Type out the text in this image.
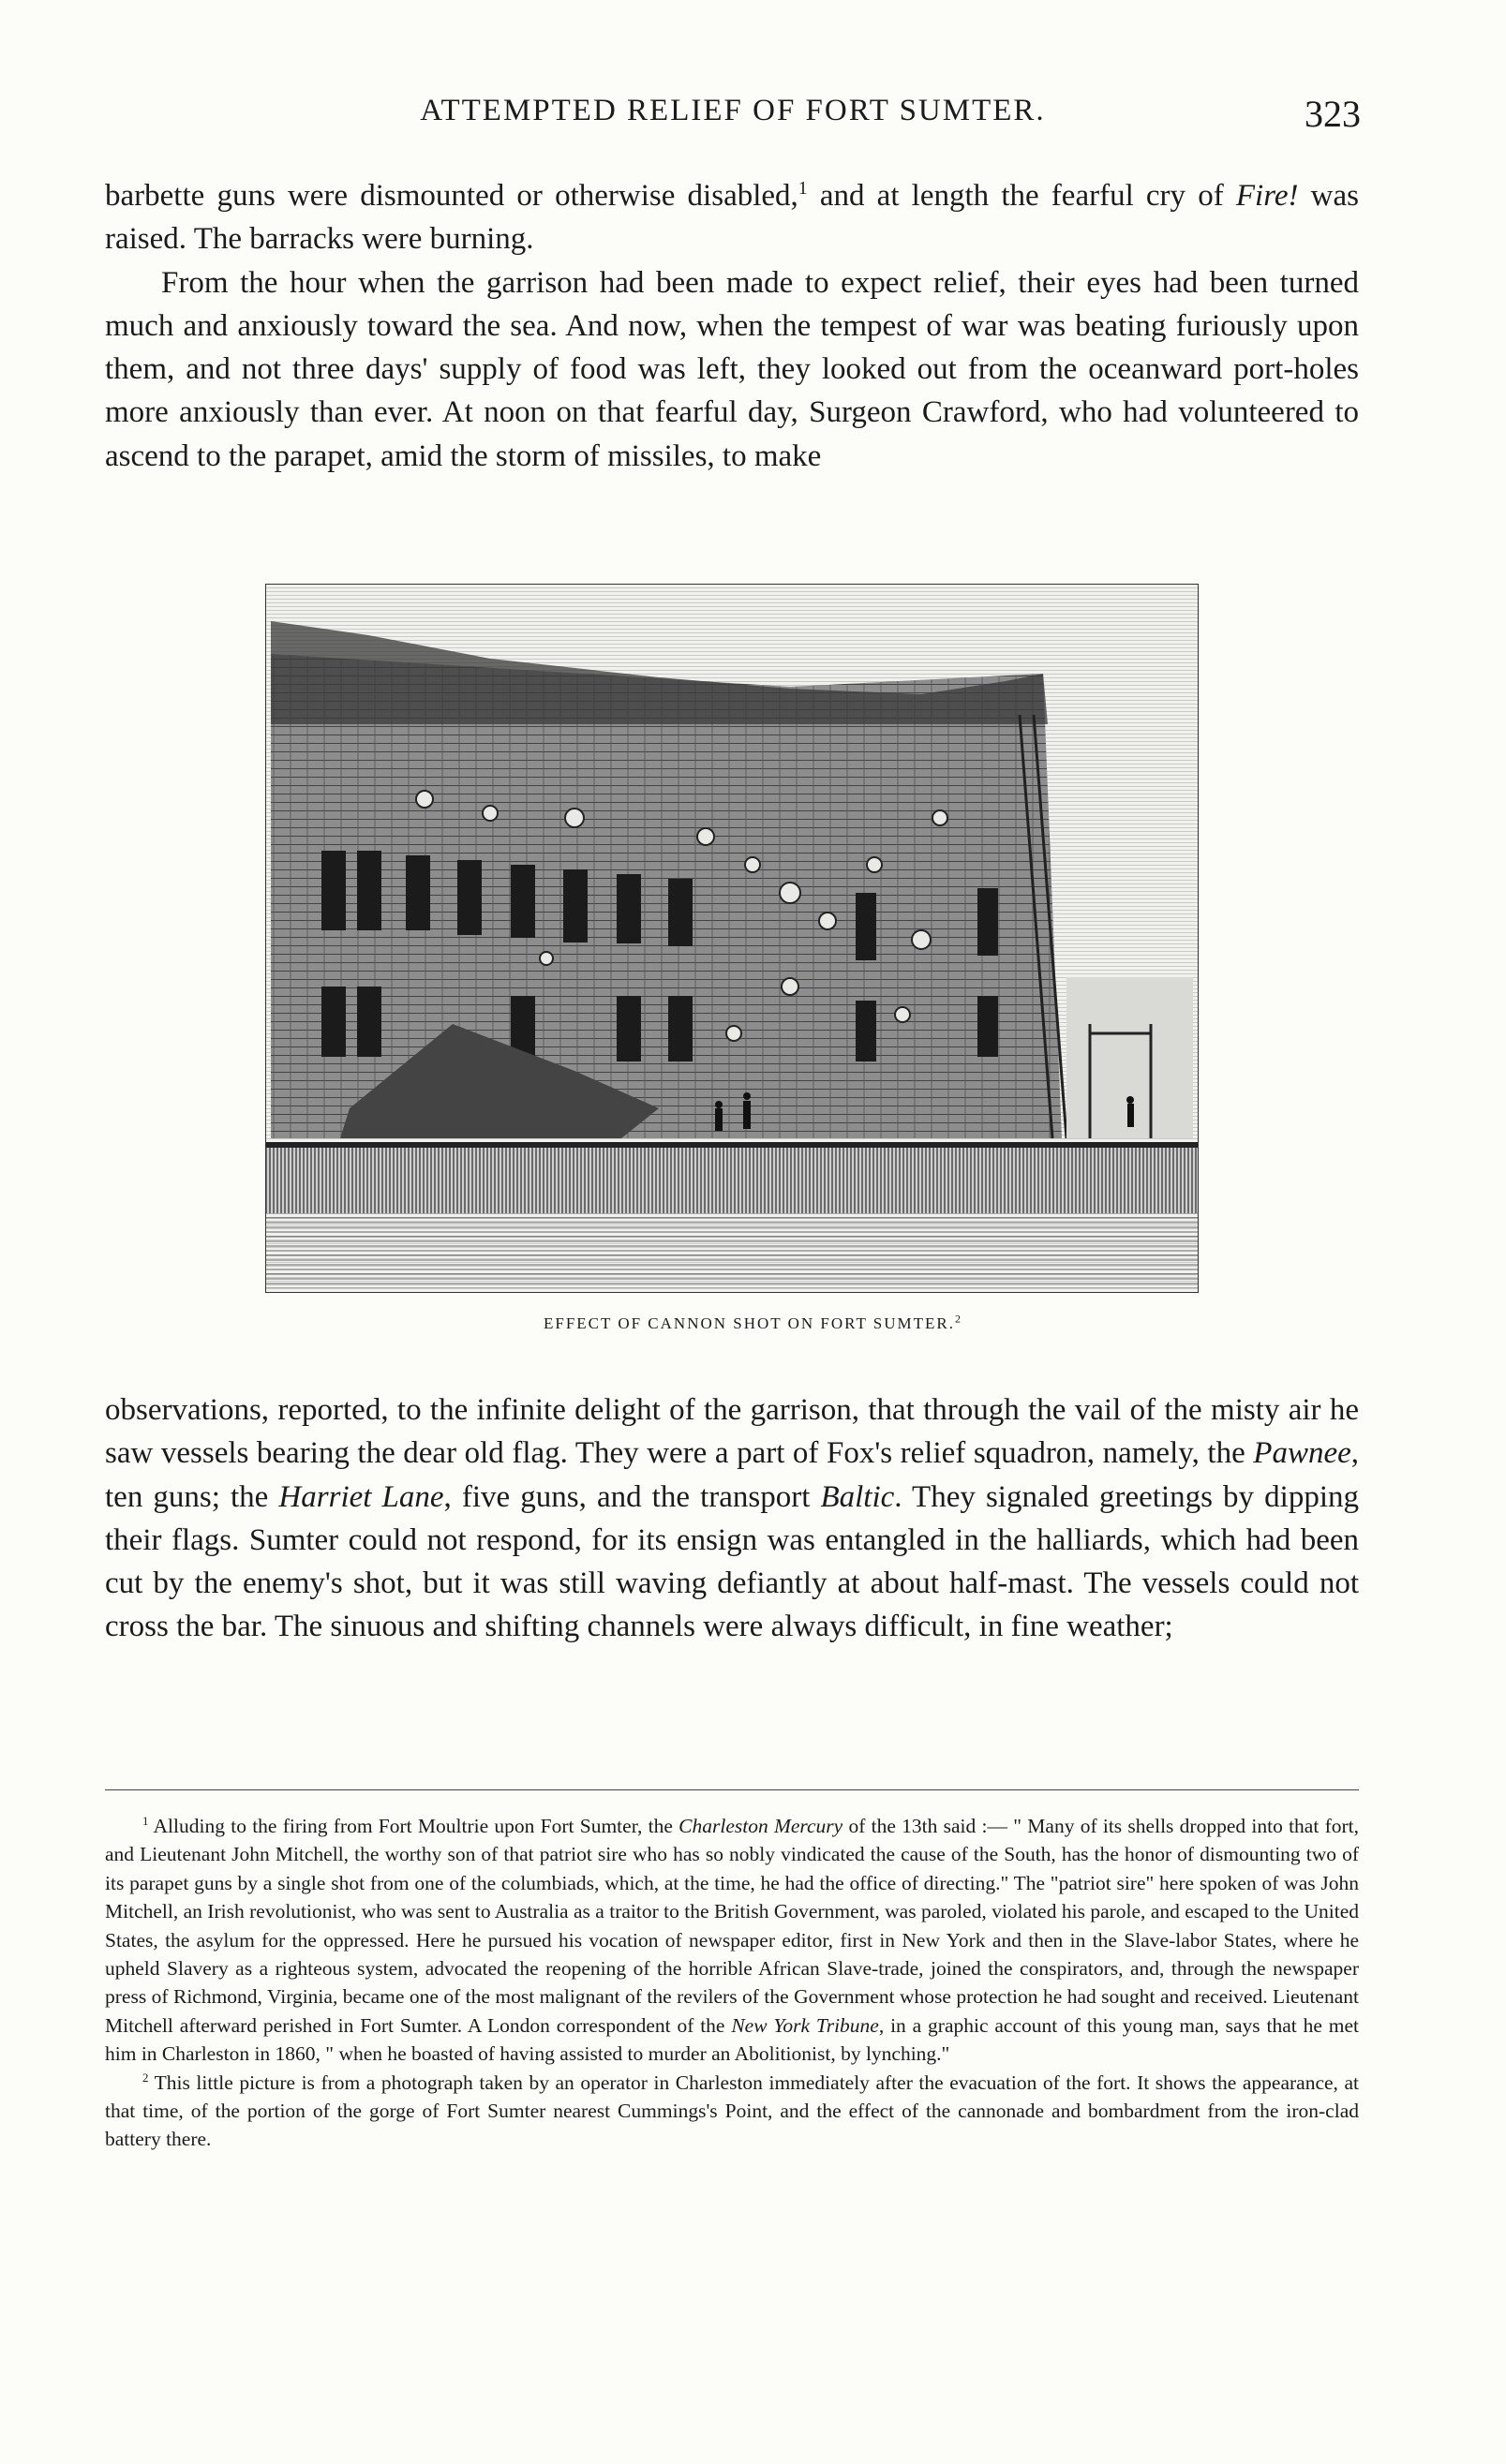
ATTEMPTED RELIEF OF FORT SUMTER.	323

barbette guns were dismounted or otherwise disabled,$^1$ and at length the fearful cry of Fire! was raised. The barracks were burning.

From the hour when the garrison had been made to expect relief, their eyes had been turned much and anxiously toward the sea. And now, when the tempest of war was beating furiously upon them, and not three days' supply of food was left, they looked out from the oceanward port-holes more anxiously than ever. At noon on that fearful day, Surgeon Crawford, who had volunteered to ascend to the parapet, amid the storm of missiles, to make

EFFECT OF CANNON SHOT ON FORT SUMTER.$^2$

observations, reported, to the infinite delight of the garrison, that through the vail of the misty air he saw vessels bearing the dear old flag. They were a part of Fox's relief squadron, namely, the Pawnee, ten guns; the Harriet Lane, five guns, and the transport Baltic. They signaled greetings by dipping their flags. Sumter could not respond, for its ensign was entangled in the halliards, which had been cut by the enemy's shot, but it was still waving defiantly at about half-mast. The vessels could not cross the bar. The sinuous and shifting channels were always difficult, in fine weather;

$^1$ Alluding to the firing from Fort Moultrie upon Fort Sumter, the Charleston Mercury of the 13th said :— " Many of its shells dropped into that fort, and Lieutenant John Mitchell, the worthy son of that patriot sire who has so nobly vindicated the cause of the South, has the honor of dismounting two of its parapet guns by a single shot from one of the columbiads, which, at the time, he had the office of directing." The "patriot sire" here spoken of was John Mitchell, an Irish revolutionist, who was sent to Australia as a traitor to the British Government, was paroled, violated his parole, and escaped to the United States, the asylum for the oppressed. Here he pursued his vocation of newspaper editor, first in New York and then in the Slave-labor States, where he upheld Slavery as a righteous system, advocated the reopening of the horrible African Slave-trade, joined the conspirators, and, through the newspaper press of Richmond, Virginia, became one of the most malignant of the revilers of the Government whose protection he had sought and received. Lieutenant Mitchell afterward perished in Fort Sumter. A London correspondent of the New York Tribune, in a graphic account of this young man, says that he met him in Charleston in 1860, " when he boasted of having assisted to murder an Abolitionist, by lynching."

$^2$ This little picture is from a photograph taken by an operator in Charleston immediately after the evacuation of the fort. It shows the appearance, at that time, of the portion of the gorge of Fort Sumter nearest Cummings's Point, and the effect of the cannonade and bombardment from the iron-clad battery there.
